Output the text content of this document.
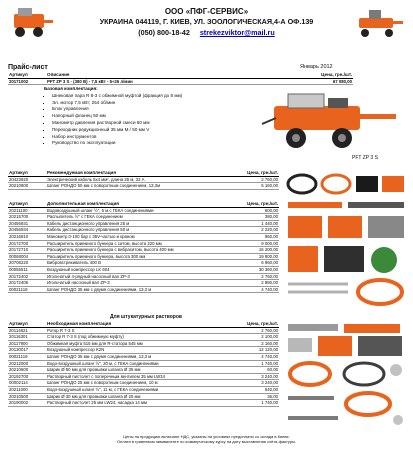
ООО «ПФГ-СЕРВИС»
УКРАИНА 044119, Г. КИЕВ, УЛ. ЗООЛОГИЧЕСКАЯ,4-А ОФ.139
(050) 800-18-42 strekezviktor@mail.ru
Прайс-лист	Январь 2012
Артикул	Описание	Цена, грн./шт.
20171002	PFT ZP 3 S - (380 В) - 7,5 кВт - 5÷26 л/мин	67 080,00
Базовая комплектация:
▪ Шнековая пара R 8-3 с обжимной муфтой (фракция до 8 мм)
▪ Эл. мотор 7,5 кВт; 254 об/мин
▪ Блок управления
▪ Напорный фланец 50 мм
▪ Манометр давления растворной смеси 50 мм
▪ Переходник редукционный 35 мм M / 50 мм V
▪ Набор инструментов
▪ Руководство по эксплуатации
PFT ZP 3 S
Артикул	Рекомендуемая комплектация	Цена, грн./шт.
20423920	Электрический кабель 5х4 мм², длина 25 м, 32 А	2 760,00
20210800	Шланг РОНДО 50 мм с поворотным соединением, 13,3м	5 160,00
Артикул	Дополнительная комплектация	Цена, грн./шт.
20211100	Водовоздушный шланг ½", 5 м с ГЕКА соединениями	600,00
20215700	Распылитель ½" с ГЕКА соединением	380,00
20456931	Кабель дистанционного управления 25 м	1 440,00
20456934	Кабель дистанционного управления 50 м	2 220,00
20216810	Манометр 0-100 бар с 35V-частью и краном	960,00
20172700	Расширитель приемного бункера с ситом, высота 220 мм	9 000,00
20172710	Расширитель приемного бункера с вибраситом, высота 400 мм	16 200,00
00068004	Расширитель приемного бункера, высота 300 мм	19 800,00
20708220	Вибровстряхиватель 400 В	6 960,00
00055511	Воздушный компрессор LK 604	30 360,00
20172402	Игольчатый 4-рядный насосный вал ZP-3	2 760,00
20172406	Игольчатый насосный вал ZP-3	2 880,00
00021119	Шланг РОНДО 35 мм с двумя соединениями, 13,3 м	4 740,00
Для штукатурных растворов
Артикул	Необходимая комплектация	Цена, грн./шт.
20114821	Ротор R 7-3 S	2 760,00
20116301	Статор R 7-3 S (под обжимную муфту)	2 100,00
20117900	Обжимная муфта 515 мм для R-статора 545 мм	2 160,00
20130017	Воздушный компрессор K2N	12 120,00
00021119	Шланг РОНДО 35 мм с двумя соединениями, 13,3 м	4 740,00
20212000	Водо-воздушный шланг ½", 20 м, с ГЕКА соединениями	1 740,00
20210600	Шарик Ø 50 мм для промывки шланга Ø 35 мм	60,00
20192700	Растворный пистолет с поперечным вентилем 35 мм LW34	3 240,00
00002114	Шланг РОНДО 25 мм с поворотным соединением, 10 м	3 240,00
20211000	Водо-воздушный шланг ½", 11 м, с ГЕКА соединениями	540,00
20210500	Шарик Ø 30 мм для промывки шланга Ø 25 мм	36,00
20190002	Растворный пистолет 25 мм LW24, насадка 14 мм	1 740,00
Цены на продукцию включают НДС, указаны на условиях предоплаты со склада в Киеве.
Оплата в гривневом эквиваленте по коммерческому курсу на дату выставления счёта-фактуры.
